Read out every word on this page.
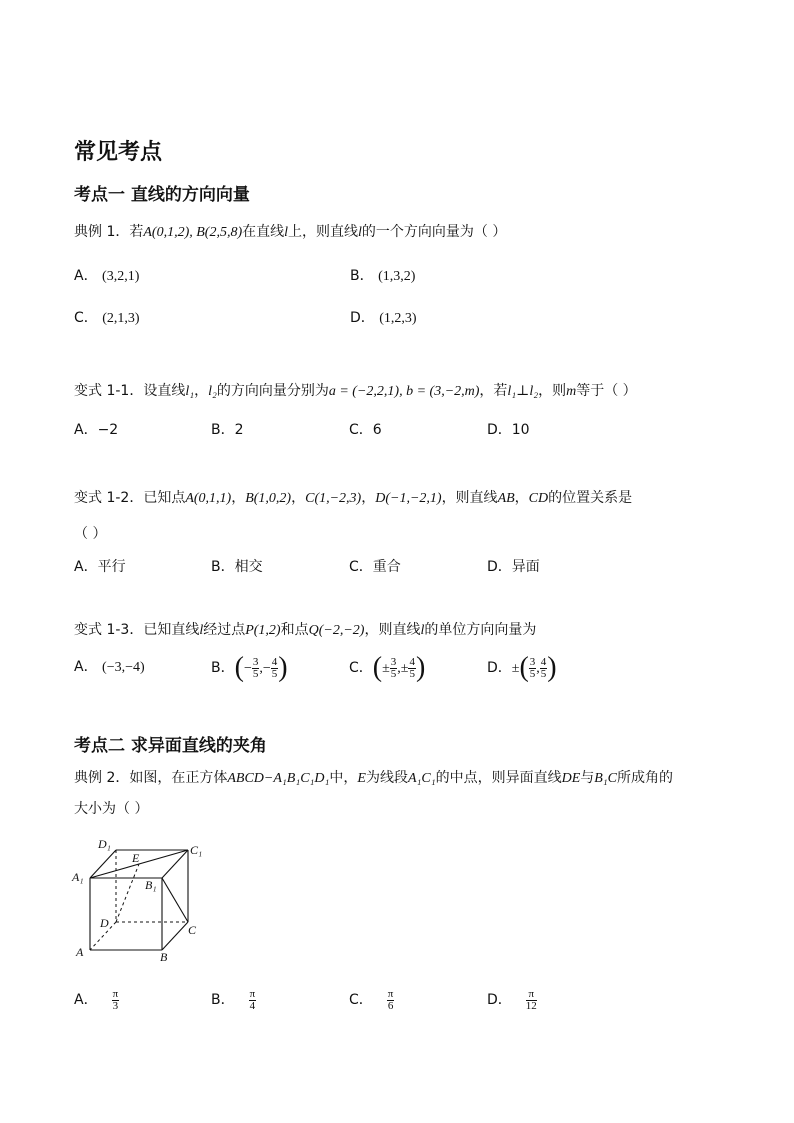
常见考点
考点一 直线的方向向量
典例 1．若A(0,1,2), B(2,5,8)在直线l上，则直线l的一个方向向量为（ ）
A． (3,2,1)	B． (1,3,2)
C． (2,1,3)	D． (1,2,3)
变式 1-1．设直线l₁，l₂的方向向量分别为a = (−2,2,1), b = (3,−2,m)，若l₁⊥l₂，则m等于（ ）
A．−2	B．2	C．6	D．10
变式 1-2．已知点A(0,1,1)，B(1,0,2)，C(1,−2,3)，D(−1,−2,1)，则直线AB，CD的位置关系是
（ ）
A．平行	B．相交	C．重合	D．异面
变式 1-3．已知直线l经过点P(1,2)和点Q(−2,−2)，则直线l的单位方向向量为
A． (−3,−4)	B．(− $\frac{3}{5}$ ,− $\frac{4}{5}$ )	C．(± $\frac{3}{5}$ ,± $\frac{4}{5}$ )	D．±( $\frac{3}{5}$ , $\frac{4}{5}$ )
考点二 求异面直线的夹角
典例 2．如图，在正方体ABCD−A₁B₁C₁D₁中，E为线段A₁C₁的中点，则异面直线DE与B₁C所成角的
大小为（ ）
D₁	C₁
E
A₁
B₁
D	C
A	B
A． $\frac{\pi}{3}$	B． $\frac{\pi}{4}$	C． $\frac{\pi}{6}$	D． $\frac{\pi}{12}$
